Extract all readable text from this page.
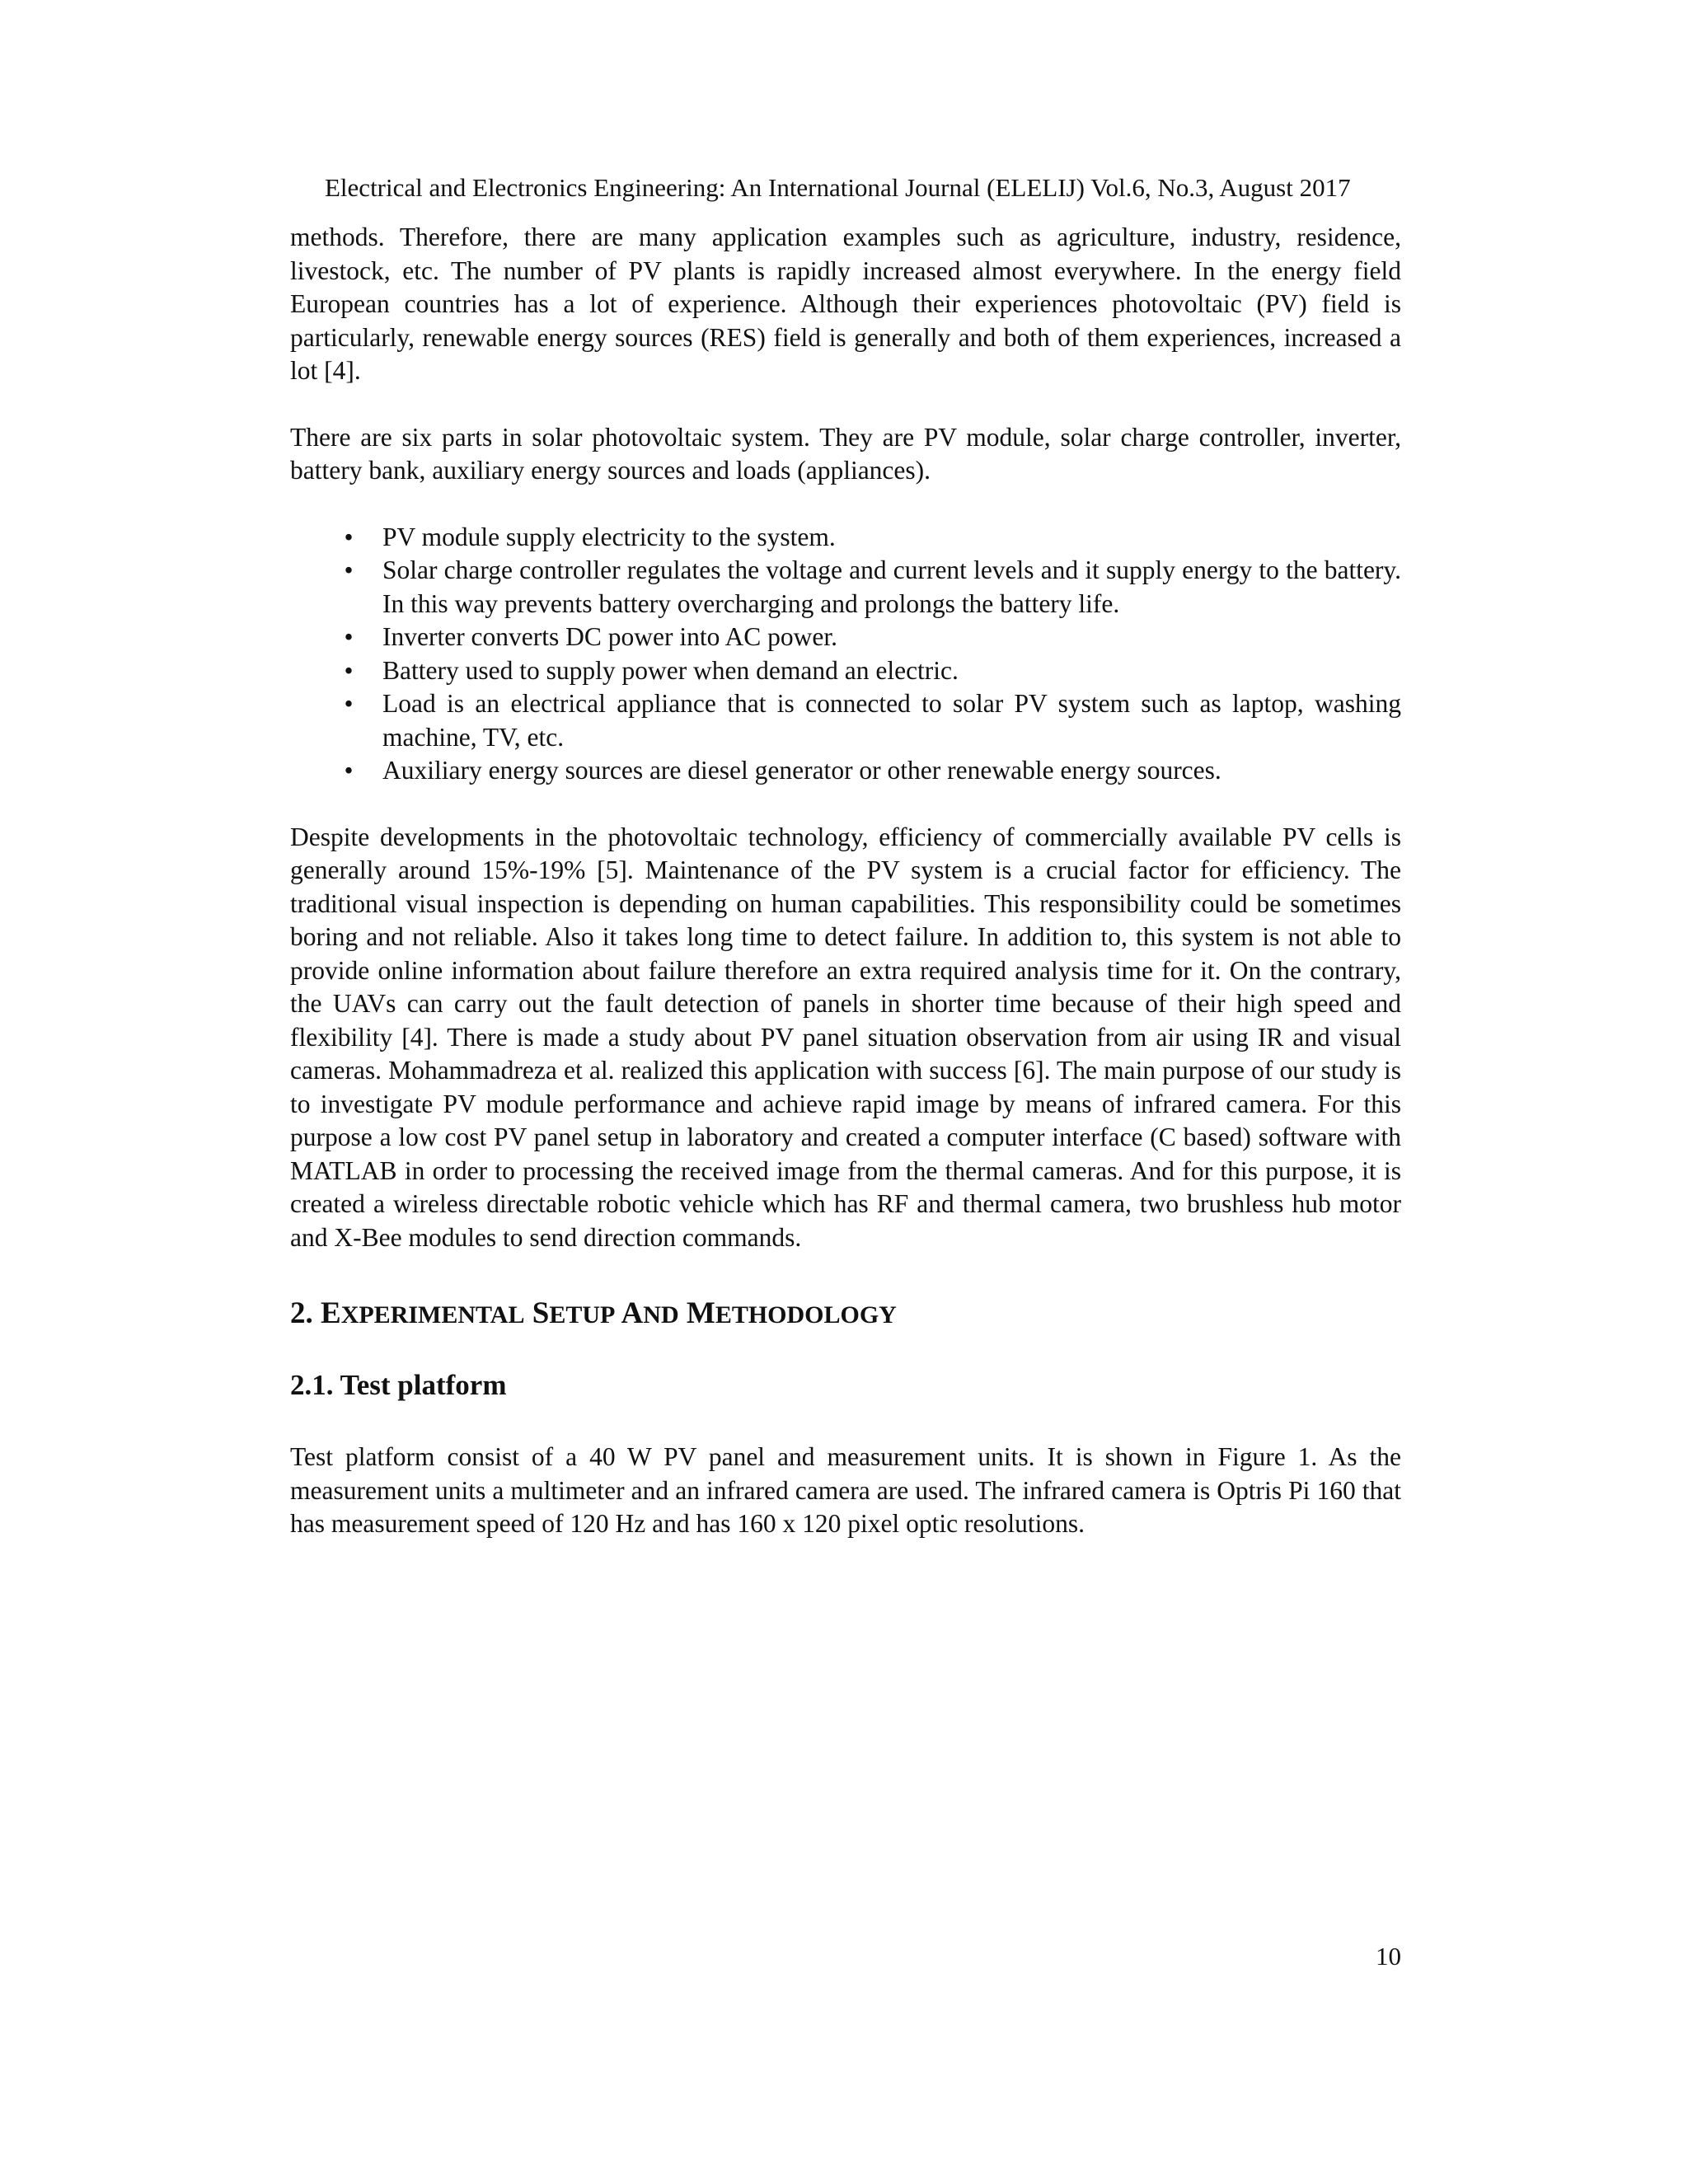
Electrical and Electronics Engineering: An International Journal (ELELIJ) Vol.6, No.3, August 2017

methods. Therefore, there are many application examples such as agriculture, industry, residence, livestock, etc. The number of PV plants is rapidly increased almost everywhere. In the energy field European countries has a lot of experience. Although their experiences photovoltaic (PV) field is particularly, renewable energy sources (RES) field is generally and both of them experiences, increased a lot [4].

There are six parts in solar photovoltaic system. They are PV module, solar charge controller, inverter, battery bank, auxiliary energy sources and loads (appliances).

•	PV module supply electricity to the system.
•	Solar charge controller regulates the voltage and current levels and it supply energy to the battery. In this way prevents battery overcharging and prolongs the battery life.
•	Inverter converts DC power into AC power.
•	Battery used to supply power when demand an electric.
•	Load is an electrical appliance that is connected to solar PV system such as laptop, washing machine, TV, etc.
•	Auxiliary energy sources are diesel generator or other renewable energy sources.

Despite developments in the photovoltaic technology, efficiency of commercially available PV cells is generally around 15%-19% [5]. Maintenance of the PV system is a crucial factor for efficiency. The traditional visual inspection is depending on human capabilities. This responsibility could be sometimes boring and not reliable. Also it takes long time to detect failure. In addition to, this system is not able to provide online information about failure therefore an extra required analysis time for it. On the contrary, the UAVs can carry out the fault detection of panels in shorter time because of their high speed and flexibility [4]. There is made a study about PV panel situation observation from air using IR and visual cameras. Mohammadreza et al. realized this application with success [6]. The main purpose of our study is to investigate PV module performance and achieve rapid image by means of infrared camera. For this purpose a low cost PV panel setup in laboratory and created a computer interface (C based) software with MATLAB in order to processing the received image from the thermal cameras. And for this purpose, it is created a wireless directable robotic vehicle which has RF and thermal camera, two brushless hub motor and X-Bee modules to send direction commands.

2. EXPERIMENTAL SETUP AND METHODOLOGY
2.1. Test platform

Test platform consist of a 40 W PV panel and measurement units. It is shown in Figure 1. As the measurement units a multimeter and an infrared camera are used. The infrared camera is Optris Pi 160 that has measurement speed of 120 Hz and has 160 x 120 pixel optic resolutions.

10
